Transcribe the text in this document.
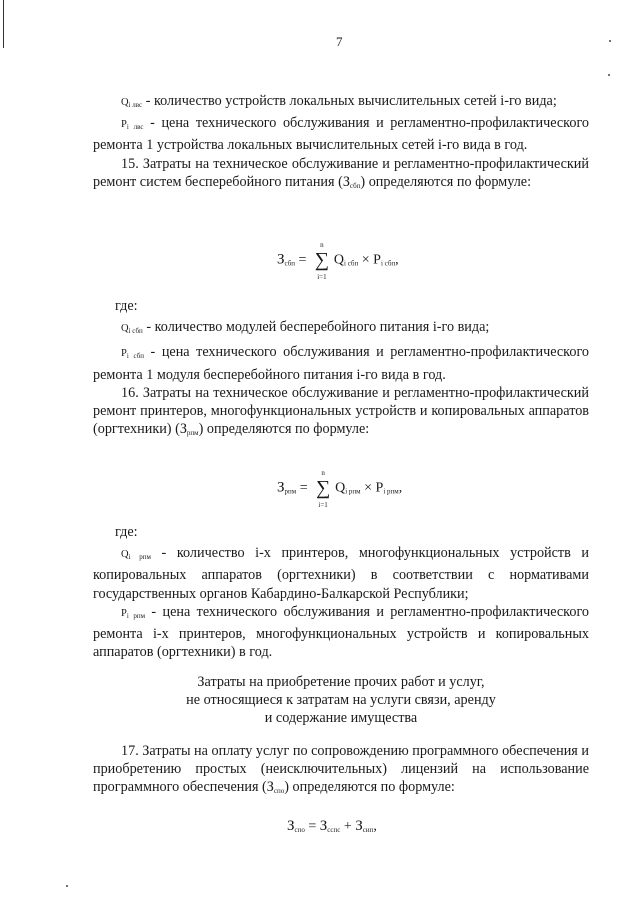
7

$Q_{i лвс}$ - количество устройств локальных вычислительных сетей i-го вида;

$P_{i лвс}$ - цена технического обслуживания и регламентно-профилактического ремонта 1 устройства локальных вычислительных сетей i-го вида в год.

15. Затраты на техническое обслуживание и регламентно-профилактический ремонт систем бесперебойного питания $(З_{сбп})$ определяются по формуле:

$З_{сбп}$ =
n
∑
i=1
$Q_{i сбп} \times P_{i сбп}$,

где:

$Q_{i сбп}$ - количество модулей бесперебойного питания i-го вида;

$P_{i сбп}$ - цена технического обслуживания и регламентно-профилактического ремонта 1 модуля бесперебойного питания i-го вида в год.

16. Затраты на техническое обслуживание и регламентно-профилактический ремонт принтеров, многофункциональных устройств и копировальных аппаратов (оргтехники) $(З_{рпм})$ определяются по формуле:

$З_{рпм}$ =
n
∑
i=1
$Q_{i рпм} \times P_{i рпм}$,

где:

$Q_{i рпм}$ - количество i-х принтеров, многофункциональных устройств и копировальных аппаратов (оргтехники) в соответствии с нормативами государственных органов Кабардино-Балкарской Республики;

$P_{i рпм}$ - цена технического обслуживания и регламентно-профилактического ремонта i-х принтеров, многофункциональных устройств и копировальных аппаратов (оргтехники) в год.

Затраты на приобретение прочих работ и услуг,

не относящиеся к затратам на услуги связи, аренду

и содержание имущества

17. Затраты на оплату услуг по сопровождению программного обеспечения и приобретению простых (неисключительных) лицензий на использование программного обеспечения $(З_{спо})$ определяются по формуле:

$З_{спо} = З_{сспс} + З_{сип}$,
